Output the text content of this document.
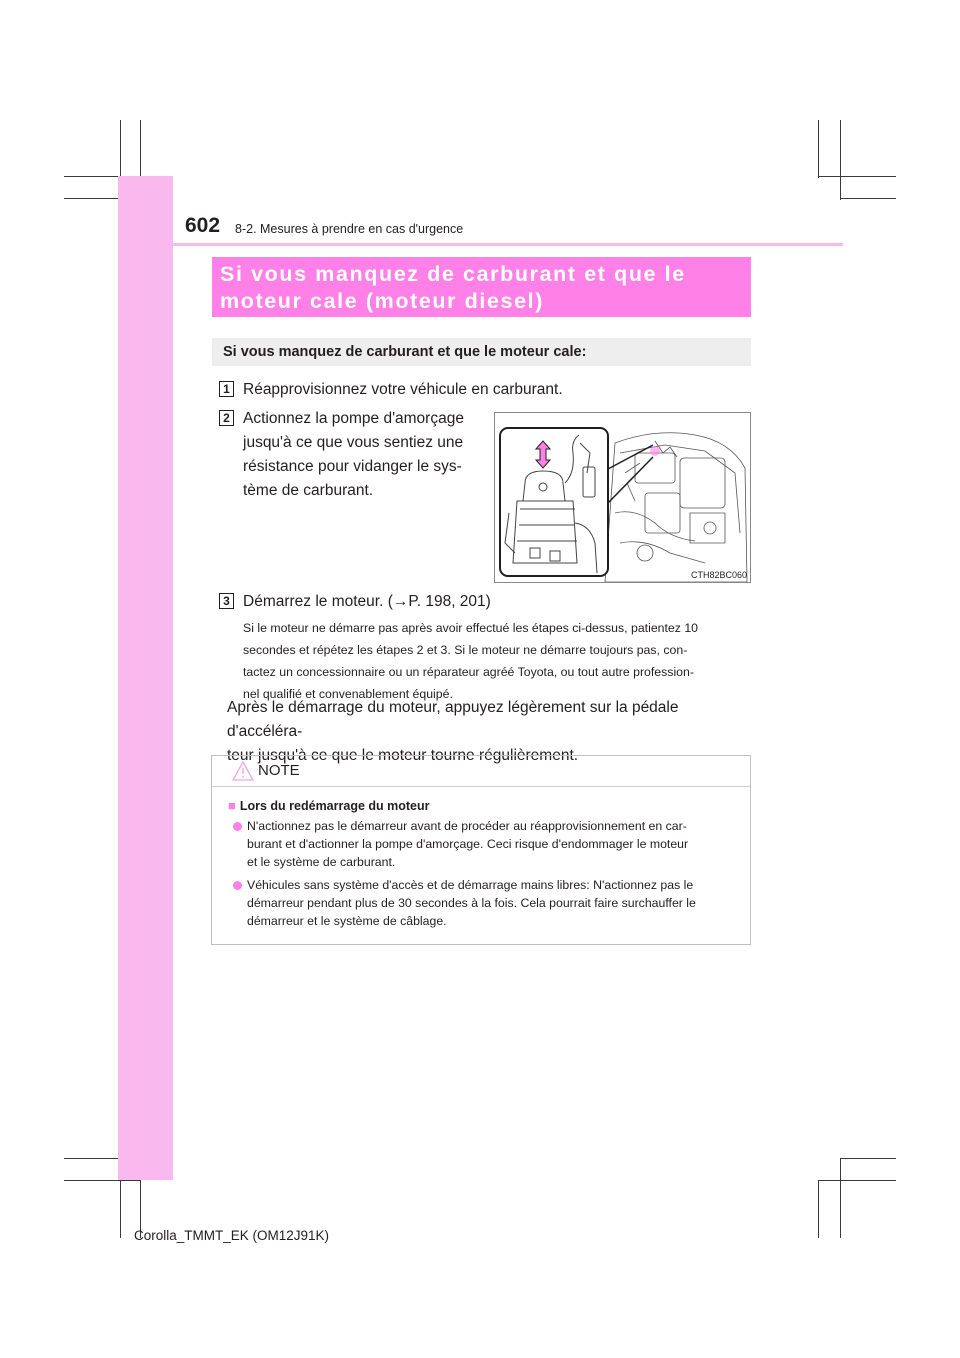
602 8-2. Mesures à prendre en cas d'urgence
Si vous manquez de carburant et que le
moteur cale (moteur diesel)
Si vous manquez de carburant et que le moteur cale:
1 Réapprovisionnez votre véhicule en carburant.
2 Actionnez la pompe d'amorçage
jusqu'à ce que vous sentiez une
résistance pour vidanger le sys-
tème de carburant.
CTH82BC060
3 Démarrez le moteur. (→P. 198, 201)
Si le moteur ne démarre pas après avoir effectué les étapes ci-dessus, patientez 10
secondes et répétez les étapes 2 et 3. Si le moteur ne démarre toujours pas, con-
tactez un concessionnaire ou un réparateur agréé Toyota, ou tout autre profession-
nel qualifié et convenablement équipé.
Après le démarrage du moteur, appuyez légèrement sur la pédale d'accéléra-
teur jusqu'à ce que le moteur tourne régulièrement.
NOTE
■ Lors du redémarrage du moteur
N'actionnez pas le démarreur avant de procéder au réapprovisionnement en car-
burant et d'actionner la pompe d'amorçage. Ceci risque d'endommager le moteur
et le système de carburant.
Véhicules sans système d'accès et de démarrage mains libres: N'actionnez pas le
démarreur pendant plus de 30 secondes à la fois. Cela pourrait faire surchauffer le
démarreur et le système de câblage.
Corolla_TMMT_EK (OM12J91K)
